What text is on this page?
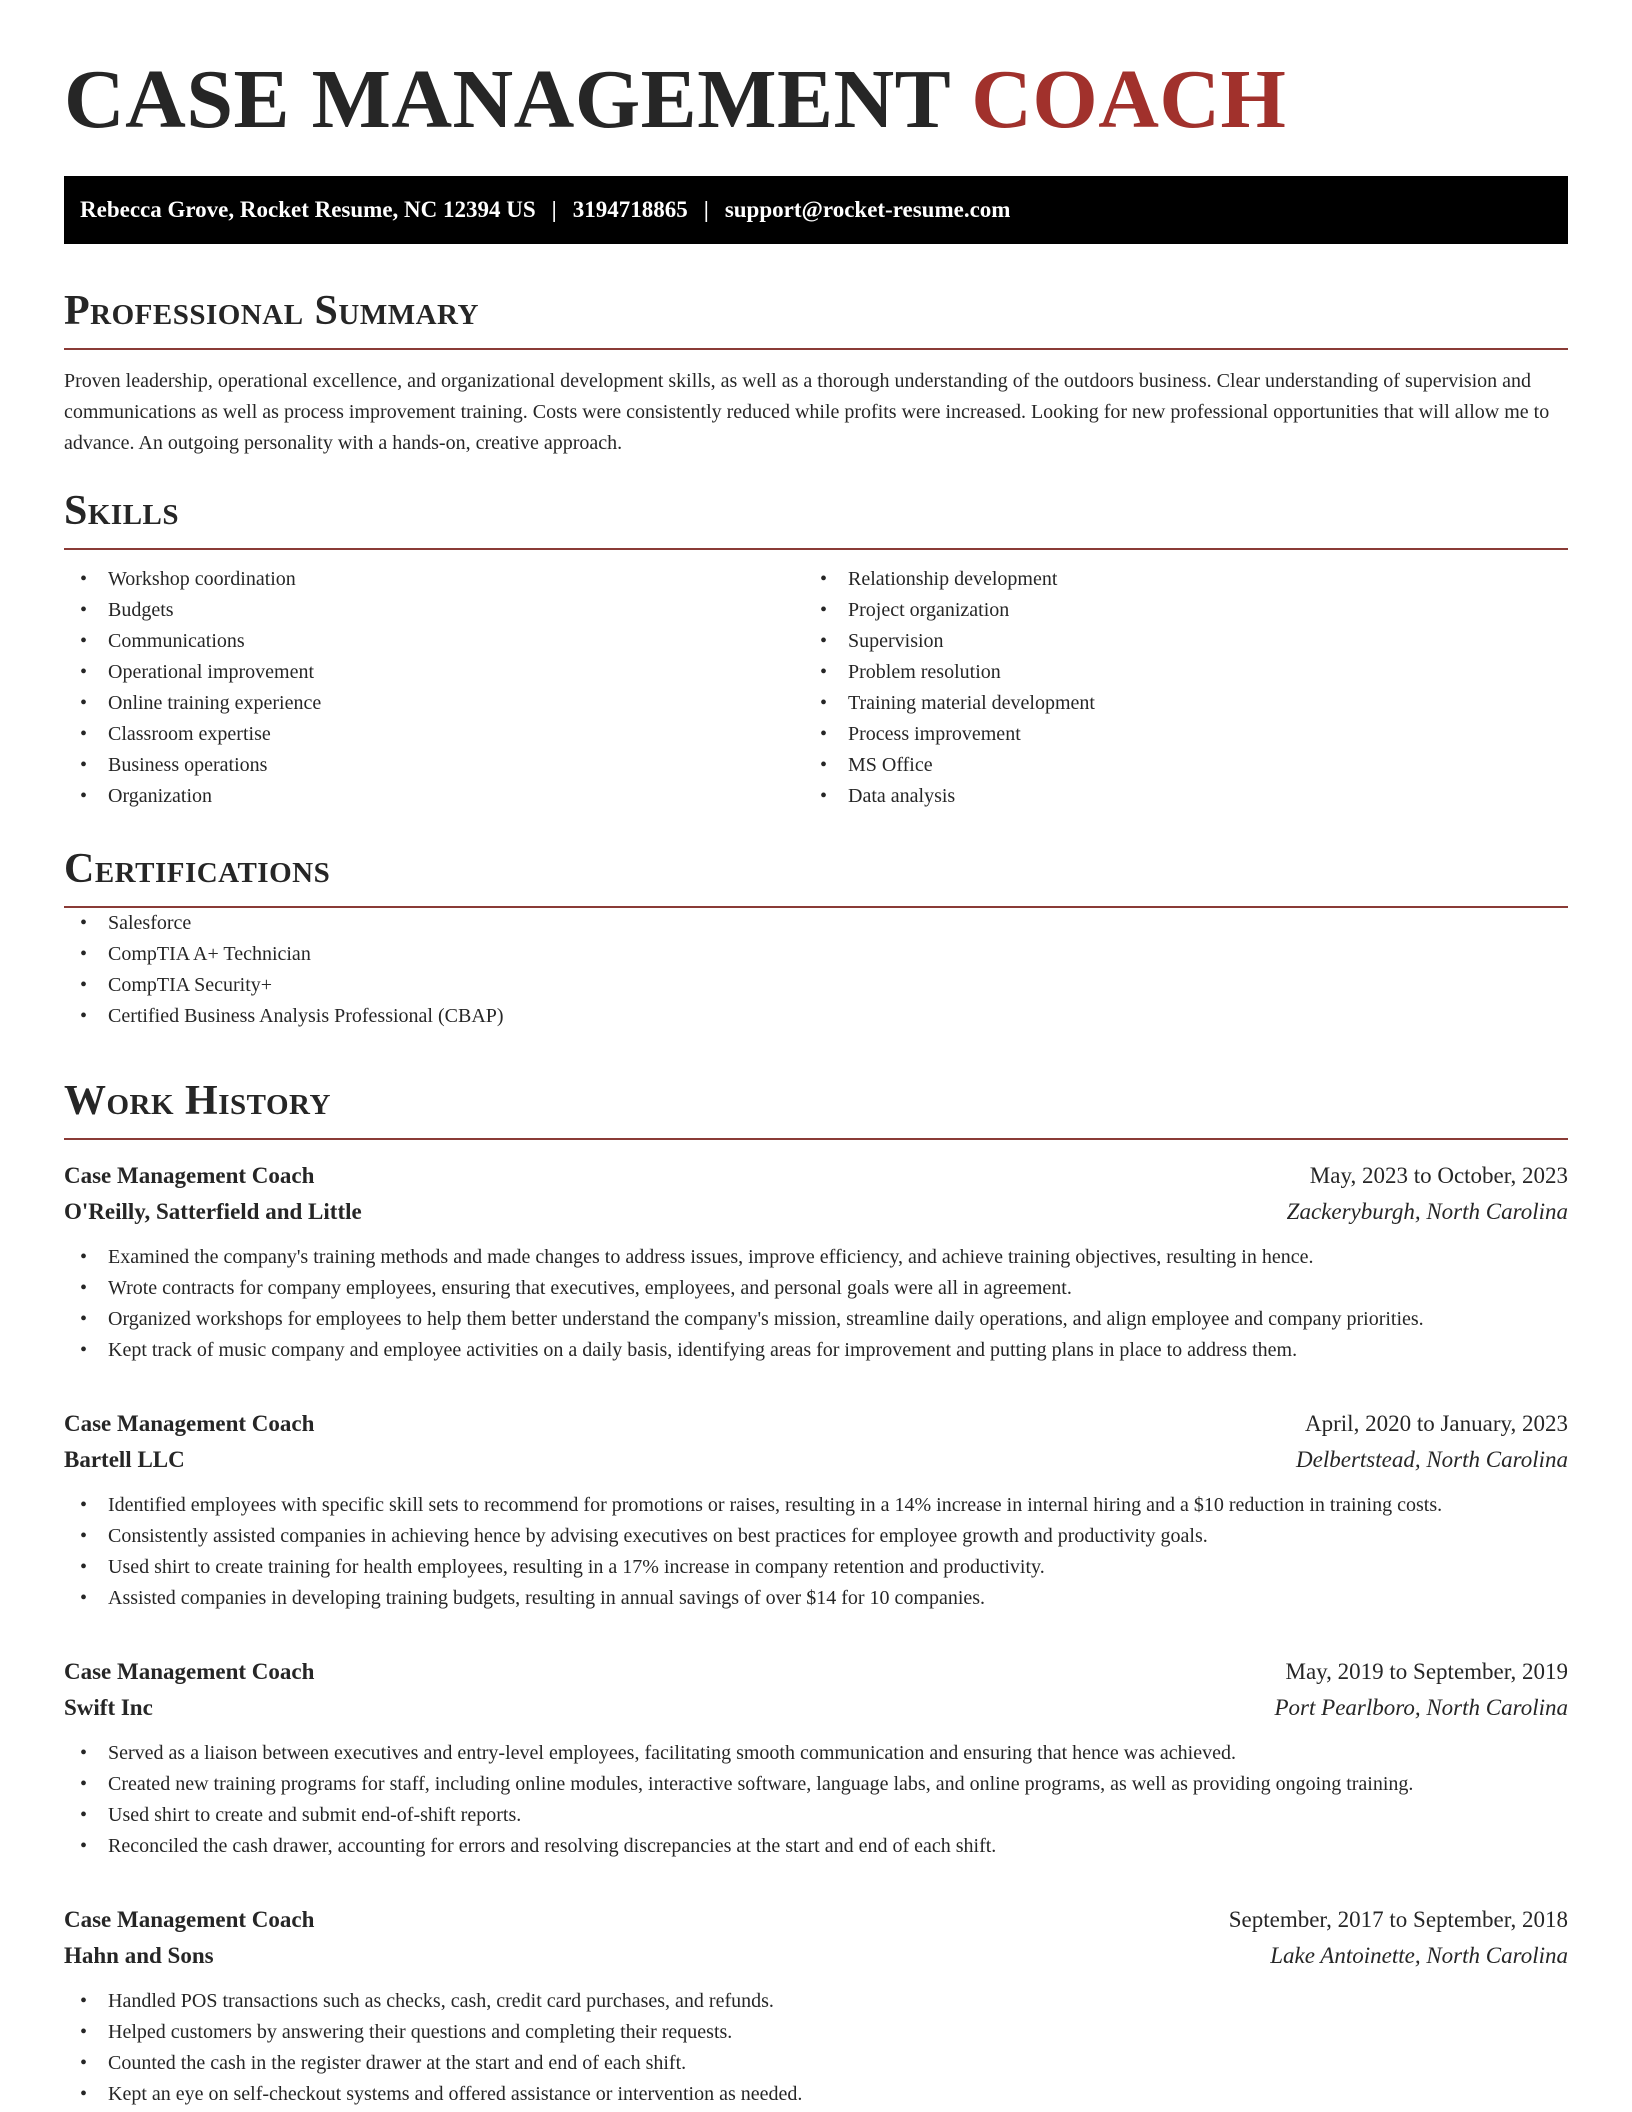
CASE MANAGEMENT COACH
Rebecca Grove, Rocket Resume, NC 12394 US | 3194718865 | support@rocket-resume.com
Professional Summary
Proven leadership, operational excellence, and organizational development skills, as well as a thorough understanding of the outdoors business. Clear understanding of supervision and communications as well as process improvement training. Costs were consistently reduced while profits were increased. Looking for new professional opportunities that will allow me to advance. An outgoing personality with a hands-on, creative approach.
Skills
• Workshop coordination
• Budgets
• Communications
• Operational improvement
• Online training experience
• Classroom expertise
• Business operations
• Organization
• Relationship development
• Project organization
• Supervision
• Problem resolution
• Training material development
• Process improvement
• MS Office
• Data analysis
Certifications
• Salesforce
• CompTIA A+ Technician
• CompTIA Security+
• Certified Business Analysis Professional (CBAP)
Work History
Case Management Coach	May, 2023 to October, 2023
O'Reilly, Satterfield and Little	Zackeryburgh, North Carolina
• Examined the company's training methods and made changes to address issues, improve efficiency, and achieve training objectives, resulting in hence.
• Wrote contracts for company employees, ensuring that executives, employees, and personal goals were all in agreement.
• Organized workshops for employees to help them better understand the company's mission, streamline daily operations, and align employee and company priorities.
• Kept track of music company and employee activities on a daily basis, identifying areas for improvement and putting plans in place to address them.
Case Management Coach	April, 2020 to January, 2023
Bartell LLC	Delbertstead, North Carolina
• Identified employees with specific skill sets to recommend for promotions or raises, resulting in a 14% increase in internal hiring and a $10 reduction in training costs.
• Consistently assisted companies in achieving hence by advising executives on best practices for employee growth and productivity goals.
• Used shirt to create training for health employees, resulting in a 17% increase in company retention and productivity.
• Assisted companies in developing training budgets, resulting in annual savings of over $14 for 10 companies.
Case Management Coach	May, 2019 to September, 2019
Swift Inc	Port Pearlboro, North Carolina
• Served as a liaison between executives and entry-level employees, facilitating smooth communication and ensuring that hence was achieved.
• Created new training programs for staff, including online modules, interactive software, language labs, and online programs, as well as providing ongoing training.
• Used shirt to create and submit end-of-shift reports.
• Reconciled the cash drawer, accounting for errors and resolving discrepancies at the start and end of each shift.
Case Management Coach	September, 2017 to September, 2018
Hahn and Sons	Lake Antoinette, North Carolina
• Handled POS transactions such as checks, cash, credit card purchases, and refunds.
• Helped customers by answering their questions and completing their requests.
• Counted the cash in the register drawer at the start and end of each shift.
• Kept an eye on self-checkout systems and offered assistance or intervention as needed.
